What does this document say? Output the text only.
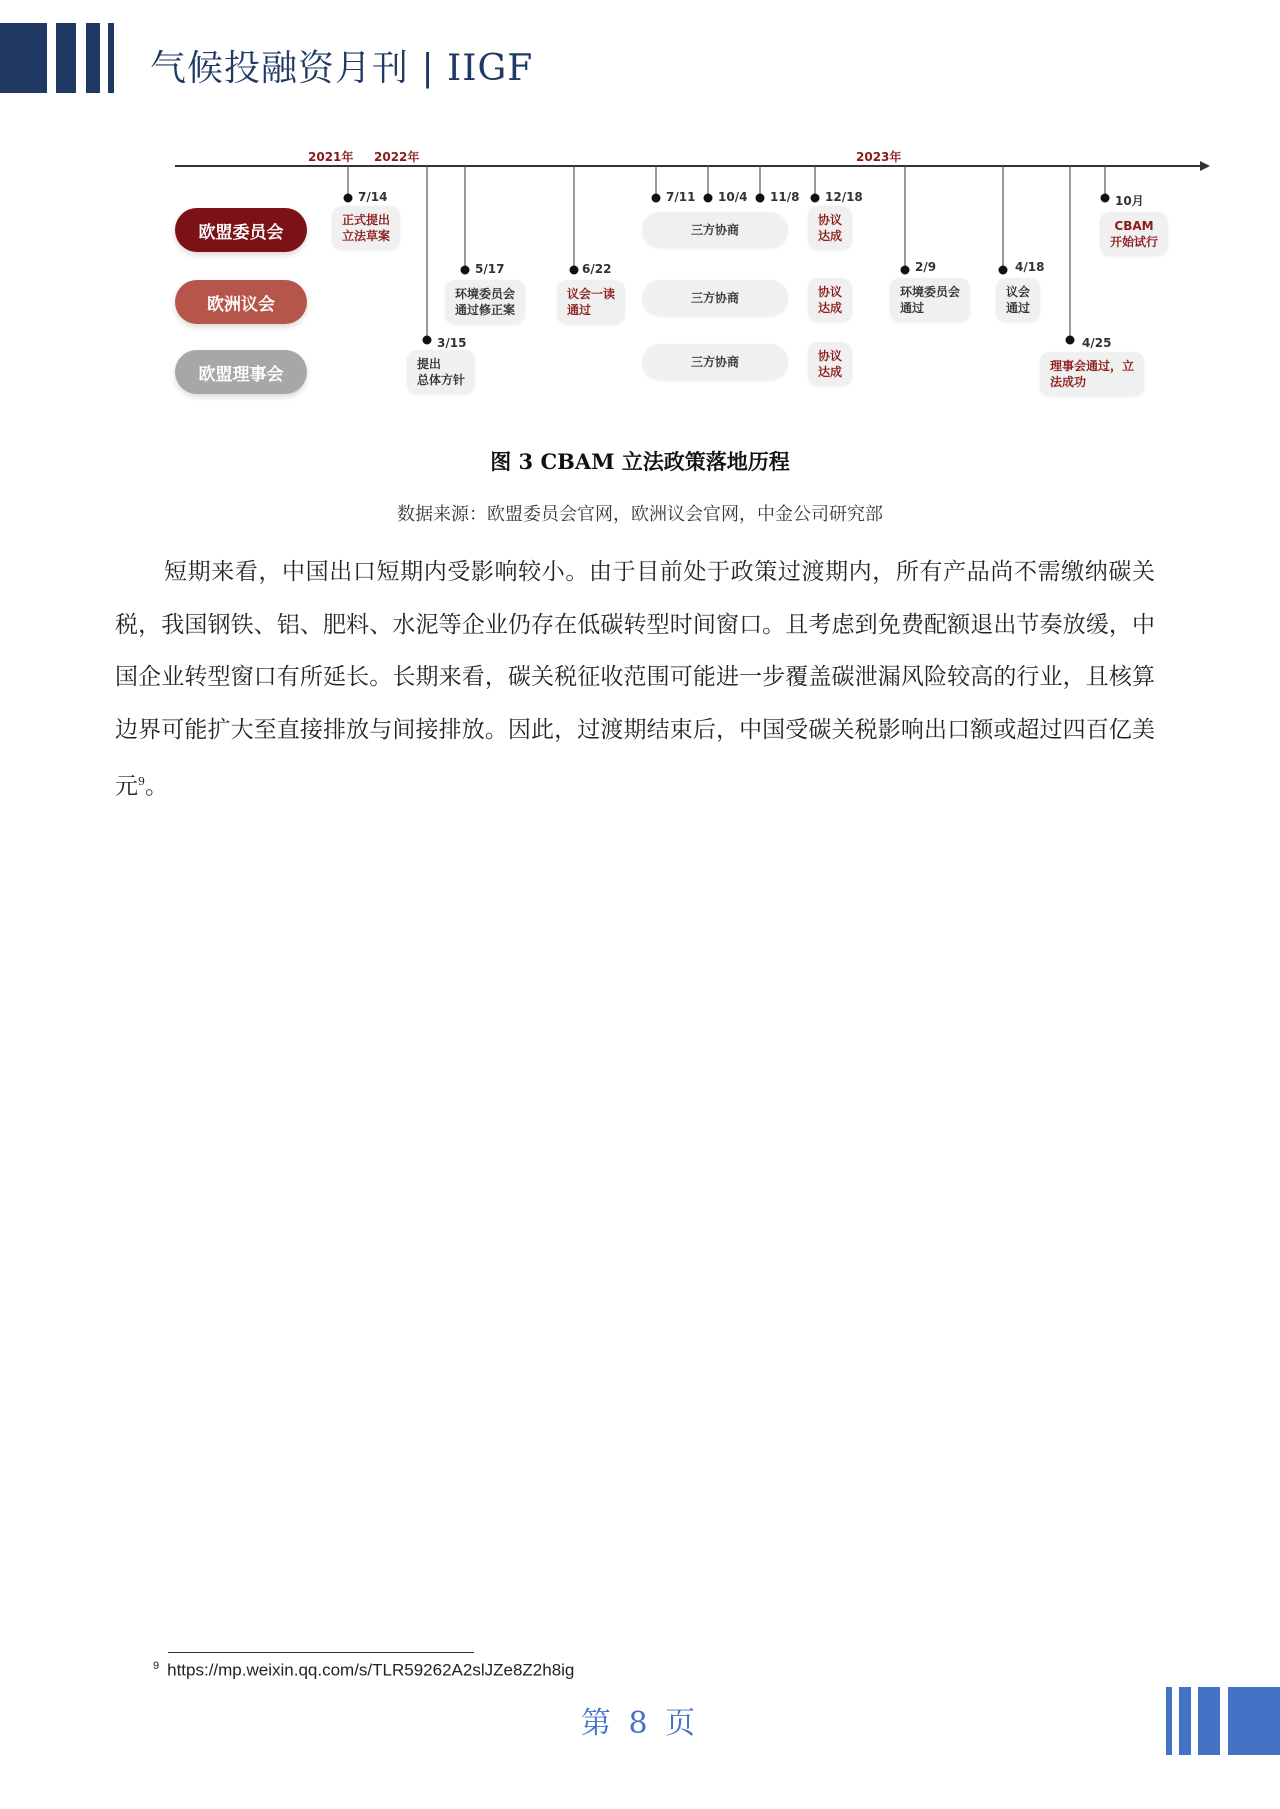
气候投融资月刊 | IIGF
2021年 2022年	2023年
欧盟委员会
欧洲议会
欧盟理事会
7/14
5/17
3/15
6/22
7/11 10/4 11/8 12/18
2/9	4/18
4/25
10月
正式提出
立法草案
环境委员会
通过修正案
提出
总体方针
议会一读
通过
三方协商
三方协商
三方协商
协议
达成
协议
达成
协议
达成
环境委员会
通过
议会
通过
理事会通过，立
法成功
CBAM
开始试行
图 3 CBAM 立法政策落地历程
数据来源：欧盟委员会官网，欧洲议会官网，中金公司研究部
短期来看，中国出口短期内受影响较小。由于目前处于政策过渡期内，所有产品尚不需缴纳碳关税，我国钢铁、铝、肥料、水泥等企业仍存在低碳转型时间窗口。且考虑到免费配额退出节奏放缓，中国企业转型窗口有所延长。长期来看，碳关税征收范围可能进一步覆盖碳泄漏风险较高的行业，且核算边界可能扩大至直接排放与间接排放。因此，过渡期结束后，中国受碳关税影响出口额或超过四百亿美元$^9$。
$^9$ https://mp.weixin.qq.com/s/TLR59262A2slJZe8Z2h8ig
第 8 页
